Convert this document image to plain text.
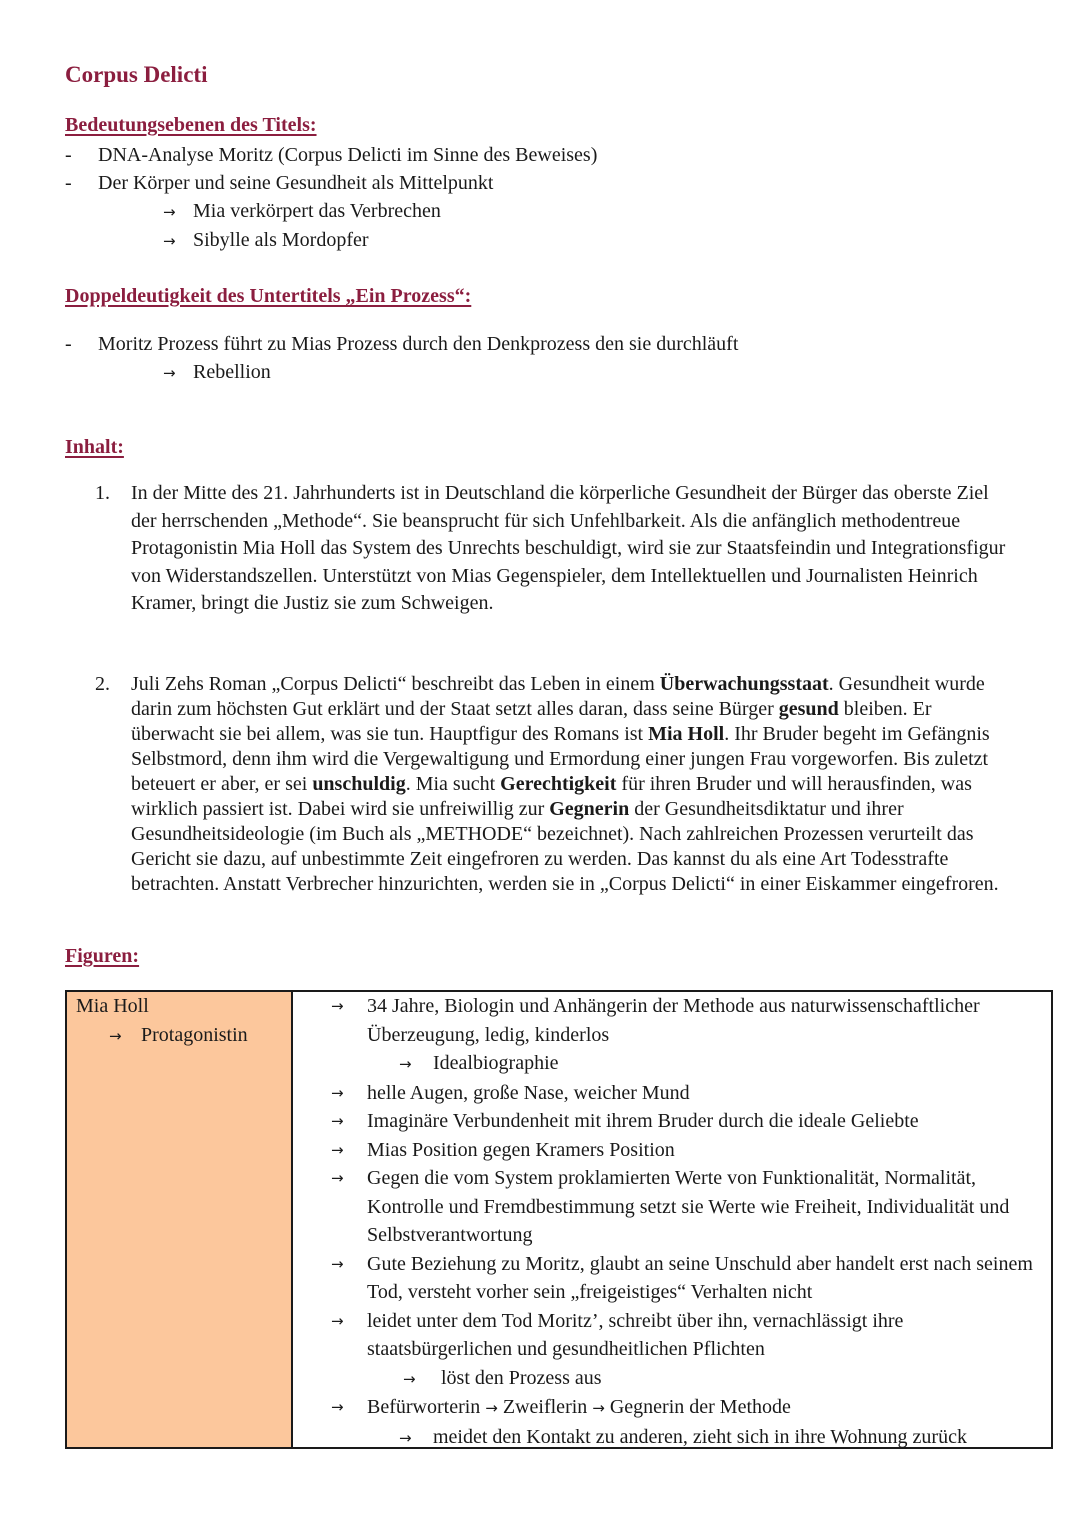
Corpus Delicti
Bedeutungsebenen des Titels:
- DNA-Analyse Moritz (Corpus Delicti im Sinne des Beweises)
- Der Körper und seine Gesundheit als Mittelpunkt
→ Mia verkörpert das Verbrechen
→ Sibylle als Mordopfer
Doppeldeutigkeit des Untertitels „Ein Prozess“:
- Moritz Prozess führt zu Mias Prozess durch den Denkprozess den sie durchläuft
→ Rebellion
Inhalt:
1. In der Mitte des 21. Jahrhunderts ist in Deutschland die körperliche Gesundheit der Bürger das oberste Ziel der herrschenden „Methode“. Sie beansprucht für sich Unfehlbarkeit. Als die anfänglich methodentreue Protagonistin Mia Holl das System des Unrechts beschuldigt, wird sie zur Staatsfeindin und Integrationsfigur von Widerstandszellen. Unterstützt von Mias Gegenspieler, dem Intellektuellen und Journalisten Heinrich Kramer, bringt die Justiz sie zum Schweigen.
2. Juli Zehs Roman „Corpus Delicti“ beschreibt das Leben in einem Überwachungsstaat. Gesundheit wurde darin zum höchsten Gut erklärt und der Staat setzt alles daran, dass seine Bürger gesund bleiben. Er überwacht sie bei allem, was sie tun. Hauptfigur des Romans ist Mia Holl. Ihr Bruder begeht im Gefängnis Selbstmord, denn ihm wird die Vergewaltigung und Ermordung einer jungen Frau vorgeworfen. Bis zuletzt beteuert er aber, er sei unschuldig. Mia sucht Gerechtigkeit für ihren Bruder und will herausfinden, was wirklich passiert ist. Dabei wird sie unfreiwillig zur Gegnerin der Gesundheitsdiktatur und ihrer Gesundheitsideologie (im Buch als „METHODE“ bezeichnet). Nach zahlreichen Prozessen verurteilt das Gericht sie dazu, auf unbestimmte Zeit eingefroren zu werden. Das kannst du als eine Art Todesstrafte betrachten. Anstatt Verbrecher hinzurichten, werden sie in „Corpus Delicti“ in einer Eiskammer eingefroren.
Figuren:
Mia Holl
→ Protagonistin
→ 34 Jahre, Biologin und Anhängerin der Methode aus naturwissenschaftlicher Überzeugung, ledig, kinderlos
→ Idealbiographie
→ helle Augen, große Nase, weicher Mund
→ Imaginäre Verbundenheit mit ihrem Bruder durch die ideale Geliebte
→ Mias Position gegen Kramers Position
→ Gegen die vom System proklamierten Werte von Funktionalität, Normalität, Kontrolle und Fremdbestimmung setzt sie Werte wie Freiheit, Individualität und Selbstverantwortung
→ Gute Beziehung zu Moritz, glaubt an seine Unschuld aber handelt erst nach seinem Tod, versteht vorher sein „freigeistiges“ Verhalten nicht
→ leidet unter dem Tod Moritz’, schreibt über ihn, vernachlässigt ihre staatsbürgerlichen und gesundheitlichen Pflichten
→ löst den Prozess aus
→ Befürworterin → Zweiflerin → Gegnerin der Methode
→ meidet den Kontakt zu anderen, zieht sich in ihre Wohnung zurück
